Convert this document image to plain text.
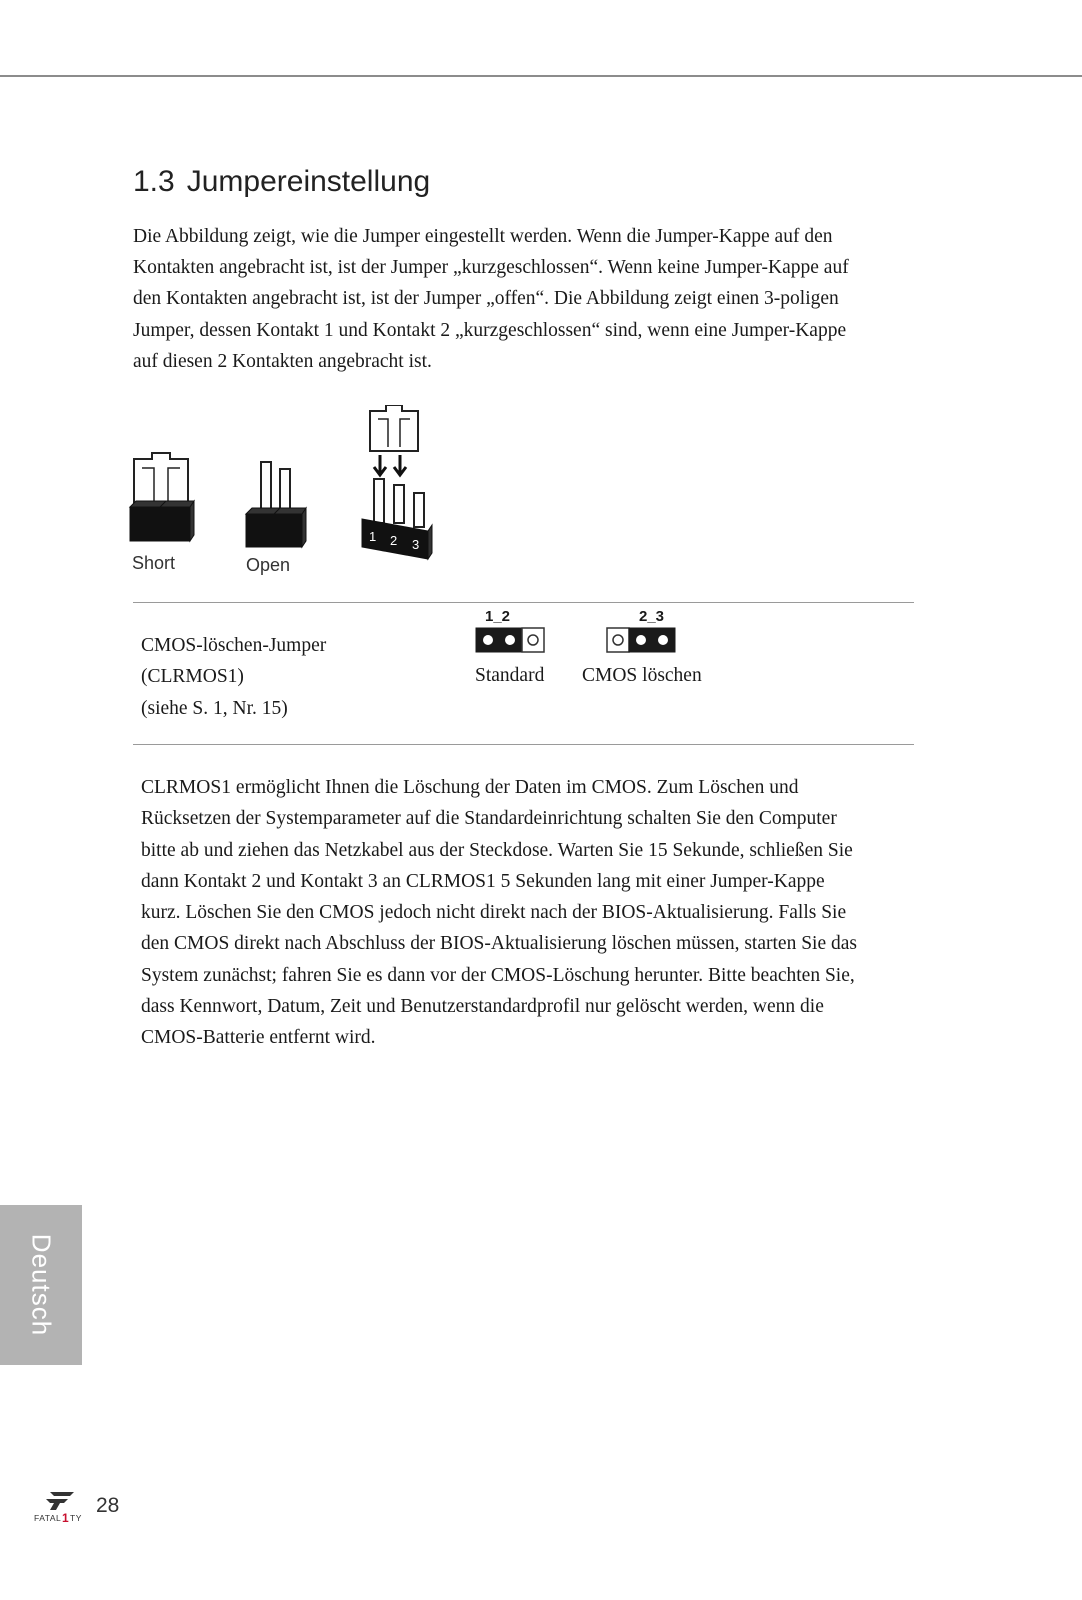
1.3 Jumpereinstellung

Die Abbildung zeigt, wie die Jumper eingestellt werden. Wenn die Jumper-Kappe auf den Kontakten angebracht ist, ist der Jumper „kurzgeschlossen“. Wenn keine Jumper-Kappe auf den Kontakten angebracht ist, ist der Jumper „offen“. Die Abbildung zeigt einen 3-poligen Jumper, dessen Kontakt 1 und Kontakt 2 „kurzgeschlossen“ sind, wenn eine Jumper-Kappe auf diesen 2 Kontakten angebracht ist.

Short	Open
1 2 3
CMOS-löschen-Jumper
(CLRMOS1)
(siehe S. 1, Nr. 15)
1_2
Standard
2_3
CMOS löschen

CLRMOS1 ermöglicht Ihnen die Löschung der Daten im CMOS. Zum Löschen und Rücksetzen der Systemparameter auf die Standardeinrichtung schalten Sie den Computer bitte ab und ziehen das Netzkabel aus der Steckdose. Warten Sie 15 Sekunde, schließen Sie dann Kontakt 2 und Kontakt 3 an CLRMOS1 5 Sekunden lang mit einer Jumper-Kappe kurz. Löschen Sie den CMOS jedoch nicht direkt nach der BIOS-Aktualisierung. Falls Sie den CMOS direkt nach Abschluss der BIOS-Aktualisierung löschen müssen, starten Sie das System zunächst; fahren Sie es dann vor der CMOS-Löschung herunter. Bitte beachten Sie, dass Kennwort, Datum, Zeit und Benutzerstandardprofil nur gelöscht werden, wenn die CMOS-Batterie entfernt wird.

Deutsch
FATAL 1 TY
28
